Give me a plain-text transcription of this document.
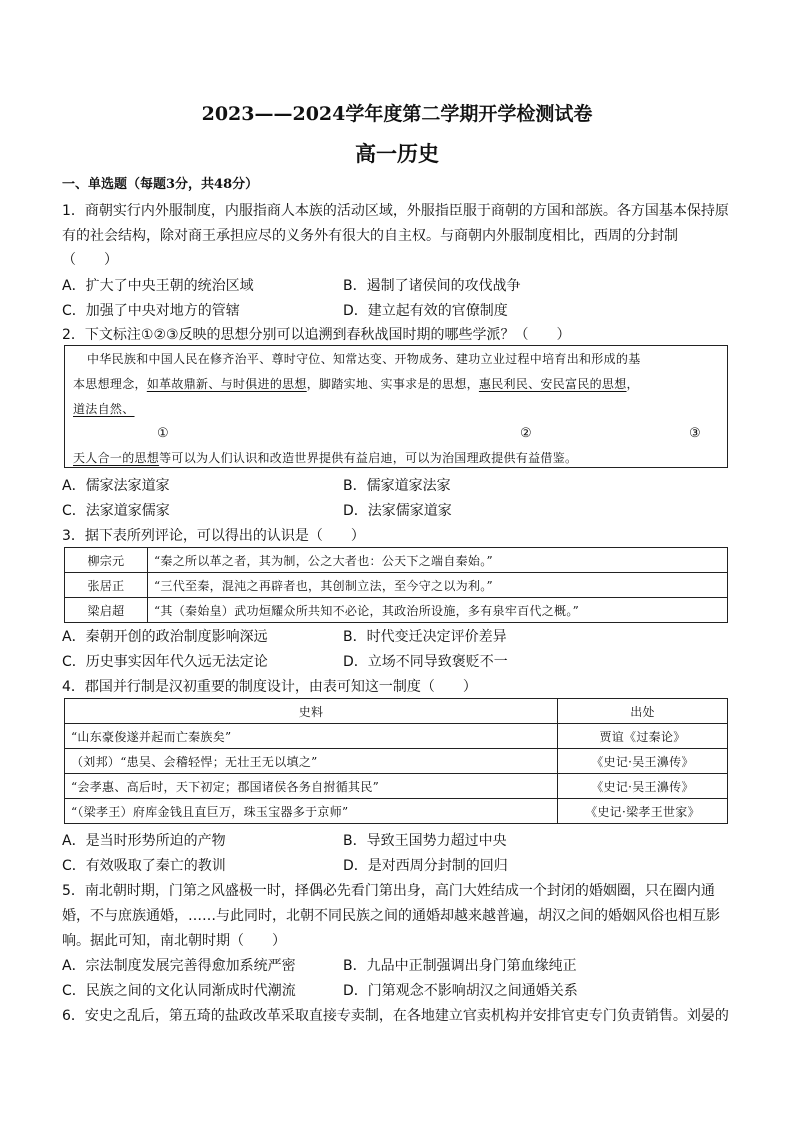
2023——2024学年度第二学期开学检测试卷
高一历史
一、单选题（每题3分，共48分）
1．商朝实行内外服制度，内服指商人本族的活动区域，外服指臣服于商朝的方国和部族。各方国基本保持原
有的社会结构，除对商王承担应尽的义务外有很大的自主权。与商朝内外服制度相比，西周的分封制
（　　）
A．扩大了中央王朝的统治区域	B．遏制了诸侯间的攻伐战争
C．加强了中央对地方的管辖	D．建立起有效的官僚制度
2．下文标注①②③反映的思想分别可以追溯到春秋战国时期的哪些学派？（　　）
中华民族和中国人民在修齐治平、尊时守位、知常达变、开物成务、建功立业过程中培育出和形成的基
本思想理念，如革故鼎新、与时俱进的思想，脚踏实地、实事求是的思想，惠民利民、安民富民的思想，
道法自然、
①	②	③
天人合一的思想等可以为人们认识和改造世界提供有益启迪，可以为治国理政提供有益借鉴。
A．儒家法家道家	B．儒家道家法家
C．法家道家儒家	D．法家儒家道家
3．据下表所列评论，可以得出的认识是（　　）
柳宗元	“秦之所以革之者，其为制，公之大者也：公天下之端自秦始。”
张居正	“三代至秦，混沌之再辟者也，其创制立法，至今守之以为利。”
梁启超	“其（秦始皇）武功烜耀众所共知不必论，其政治所设施，多有泉牢百代之概。”
A．秦朝开创的政治制度影响深远	B．时代变迁决定评价差异
C．历史事实因年代久远无法定论	D．立场不同导致褒贬不一
4．郡国并行制是汉初重要的制度设计，由表可知这一制度（　　）
史料	出处
“山东豪俊遂并起而亡秦族矣”	贾谊《过秦论》
（刘邦）“患吴、会稽轻悍；无壮王无以填之”	《史记·吴王濞传》
“会孝惠、高后时，天下初定；郡国诸侯各务自拊循其民”	《史记·吴王濞传》
“（梁孝王）府库金钱且直巨万，珠玉宝器多于京师”	《史记·梁孝王世家》
A．是当时形势所迫的产物	B．导致王国势力超过中央
C．有效吸取了秦亡的教训	D．是对西周分封制的回归
5．南北朝时期，门第之风盛极一时，择偶必先看门第出身，高门大姓结成一个封闭的婚姻圈，只在圈内通
婚，不与庶族通婚，……与此同时，北朝不同民族之间的通婚却越来越普遍，胡汉之间的婚姻风俗也相互影
响。据此可知，南北朝时期（　　）
A．宗法制度发展完善得愈加系统严密	B．九品中正制强调出身门第血缘纯正
C．民族之间的文化认同渐成时代潮流	D．门第观念不影响胡汉之间通婚关系
6．安史之乱后，第五琦的盐政改革采取直接专卖制，在各地建立官卖机构并安排官吏专门负责销售。刘晏的
